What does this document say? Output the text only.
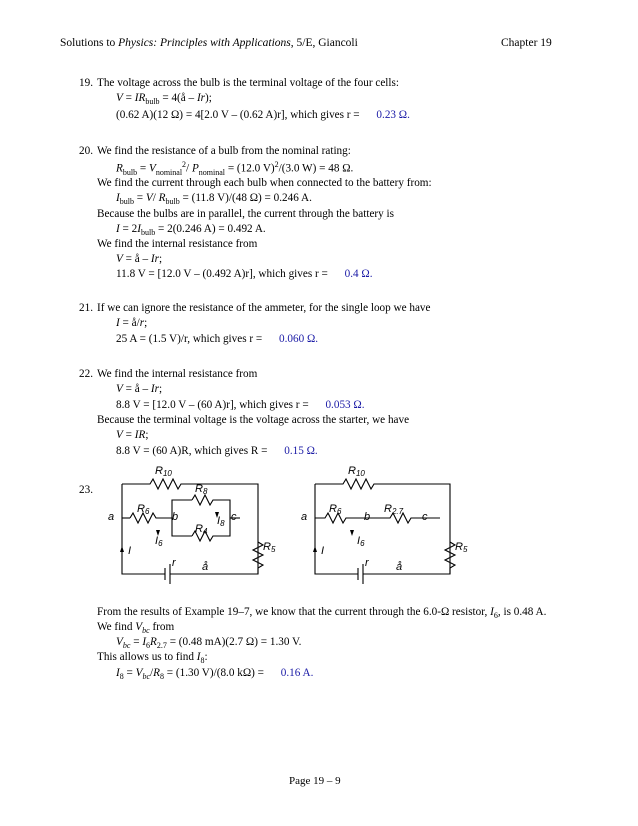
Solutions to Physics: Principles with Applications, 5/E, Giancoli	Chapter 19
19. The voltage across the bulb is the terminal voltage of the four cells:
$V = IR_{bulb}$ = 4(å – Ir);
(0.62 A)(12 Ω) = 4[2.0 V – (0.62 A)r], which gives r = 0.23 Ω.
20. We find the resistance of a bulb from the nominal rating:
$R_{bulb} = V_{nominal}^2/$ $P_{nominal} = (12.0$ V)$^2$/(3.0 W) = 48 Ω.
We find the current through each bulb when connected to the battery from:
$I_{bulb} = V/$ $R_{bulb} = (11.8$ V)/(48 Ω) = 0.246 A.
Because the bulbs are in parallel, the current through the battery is
$I = 2I_{bulb} = 2(0.246$ A) = 0.492 A.
We find the internal resistance from
V = å – Ir;
11.8 V = [12.0 V – (0.492 A)r], which gives r = 0.4 Ω.
21. If we can ignore the resistance of the ammeter, for the single loop we have
I = å/r;
25 A = (1.5 V)/r, which gives r = 0.060 Ω.
22. We find the internal resistance from
V = å – Ir;
8.8 V = [12.0 V – (60 A)r], which gives r = 0.053 Ω.
Because the terminal voltage is the voltage across the starter, we have
V = IR;
8.8 V = (60 A)R, which gives R = 0.15 Ω.
23.
R10
R8
R6
R4
R5
I8
I6
I
r å
a	b	c
R10
R6	R2.7
R5
I6
I
r å
a	b	c
From the results of Example 19–7, we know that the current through the 6.0-Ω resistor, $I_6$, is 0.48 A.
We find $V_{bc}$ from
$V_{bc} = I_6R_{2.7} = (0.48$ mA)(2.7 Ω) = 1.30 V.
This allows us to find $I_8$:
$I_8 = V_{bc}/R_8 = (1.30$ V)/(8.0 kΩ) = 0.16 A.
Page 19 – 9
